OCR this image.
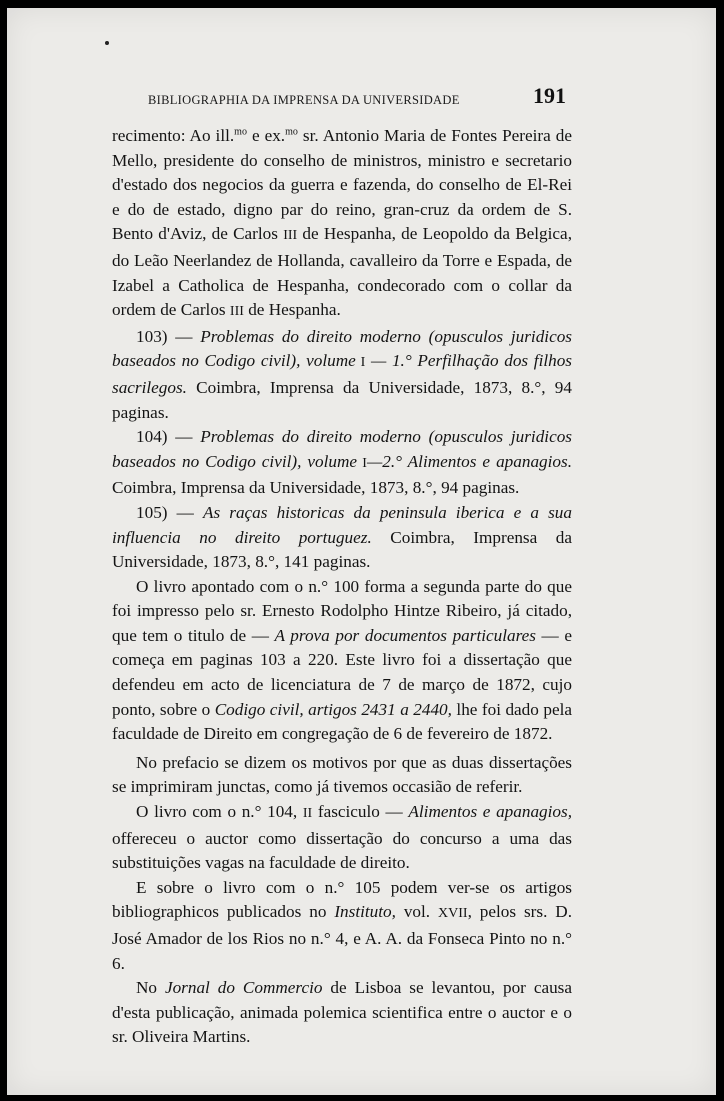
BIBLIOGRAPHIA DA IMPRENSA DA UNIVERSIDADE	191

recimento: Ao ill.$^{mo}$ e ex.$^{mo}$ sr. Antonio Maria de Fontes Pereira de Mello, presidente do conselho de ministros, ministro e secretario d'estado dos negocios da guerra e fazenda, do conselho de El-Rei e do de estado, digno par do reino, gran-cruz da ordem de S. Bento d'Aviz, de Carlos III de Hespanha, de Leopoldo da Belgica, do Leão Neerlandez de Hollanda, cavalleiro da Torre e Espada, de Izabel a Catholica de Hespanha, condecorado com o collar da ordem de Carlos III de Hespanha.

103) — Problemas do direito moderno (opusculos juridicos baseados no Codigo civil), volume I — 1.° Perfilhação dos filhos sacrilegos. Coimbra, Imprensa da Universidade, 1873, 8.°, 94 paginas.

104) — Problemas do direito moderno (opusculos juridicos baseados no Codigo civil), volume I—2.° Alimentos e apanagios. Coimbra, Imprensa da Universidade, 1873, 8.°, 94 paginas.

105) — As raças historicas da peninsula iberica e a sua influencia no direito portuguez. Coimbra, Imprensa da Universidade, 1873, 8.°, 141 paginas.

O livro apontado com o n.° 100 forma a segunda parte do que foi impresso pelo sr. Ernesto Rodolpho Hintze Ribeiro, já citado, que tem o titulo de — A prova por documentos particulares — e começa em paginas 103 a 220. Este livro foi a dissertação que defendeu em acto de licenciatura de 7 de março de 1872, cujo ponto, sobre o Codigo civil, artigos 2431 a 2440, lhe foi dado pela faculdade de Direito em congregação de 6 de fevereiro de 1872.

No prefacio se dizem os motivos por que as duas dissertações se imprimiram junctas, como já tivemos occasião de referir.

O livro com o n.° 104, II fasciculo — Alimentos e apanagios, offereceu o auctor como dissertação do concurso a uma das substituições vagas na faculdade de direito.

E sobre o livro com o n.° 105 podem ver-se os artigos bibliographicos publicados no Instituto, vol. XVII, pelos srs. D. José Amador de los Rios no n.° 4, e A. A. da Fonseca Pinto no n.° 6.

No Jornal do Commercio de Lisboa se levantou, por causa d'esta publicação, animada polemica scientifica entre o auctor e o sr. Oliveira Martins.
